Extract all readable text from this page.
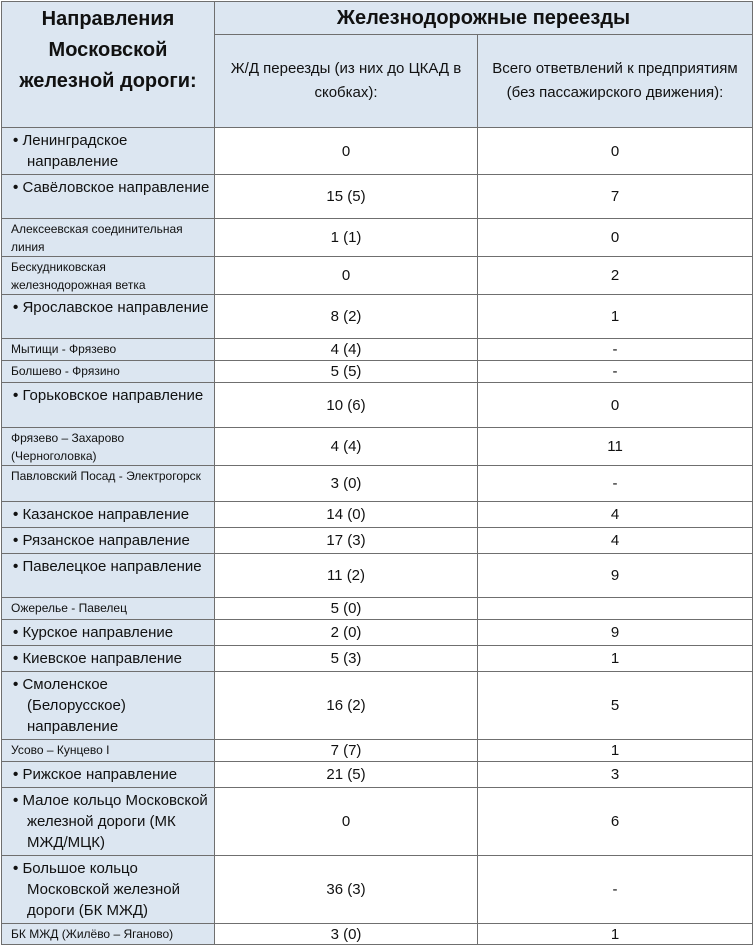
Направления Московской железной дороги:	Железнодорожные переезды	
	Ж/Д переезды (из них до ЦКАД в скобках):	Всего ответвлений к предприятиям (без пассажирского движения):

• Ленинградское направление	0	0

• Савёловское направление	15 (5)	7

Алексеевская соединительная линия	1 (1)	0

Бескудниковская железнодорожная ветка	0	2

• Ярославское направление	8 (2)	1

Мытищи - Фрязево	4 (4)	-

Болшево - Фрязино	5 (5)	-

• Горьковское направление	10 (6)	0

Фрязево – Захарово (Черноголовка)	4 (4)	11

Павловский Посад - Электрогорск	3 (0)	-

• Казанское направление	14 (0)	4

• Рязанское направление	17 (3)	4

• Павелецкое направление	11 (2)	9

Ожерелье - Павелец	5 (0)	

• Курское направление	2 (0)	9

• Киевское направление	5 (3)	1

• Смоленское (Белорусское) направление	16 (2)	5

Усово – Кунцево I	7 (7)	1

• Рижское направление	21 (5)	3

• Малое кольцо Московской железной дороги (МК МЖД/МЦК)	0	6

• Большое кольцо Московской железной дороги (БК МЖД)	36 (3)	-

БК МЖД (Жилёво – Яганово)	3 (0)	1
